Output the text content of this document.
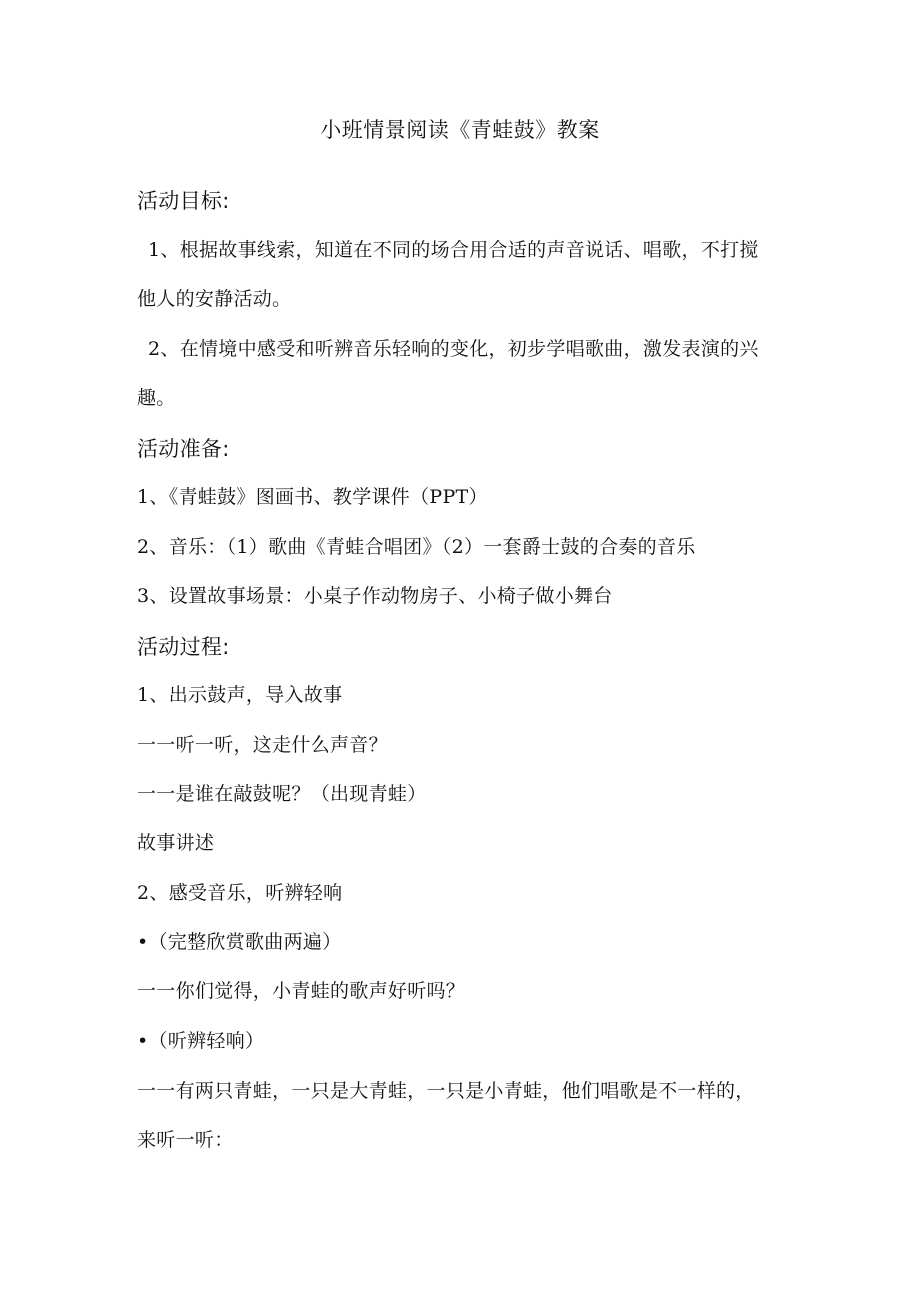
小班情景阅读《青蛙鼓》教案
活动目标:
1、根据故事线索，知道在不同的场合用合适的声音说话、唱歌，不打搅
他人的安静活动。
2、在情境中感受和听辨音乐轻响的变化，初步学唱歌曲，激发表演的兴
趣。
活动准备:
1、《青蛙鼓》图画书、教学课件（PPT）
2、音乐：（1）歌曲《青蛙合唱团》（2）一套爵士鼓的合奏的音乐
3、设置故事场景：小桌子作动物房子、小椅子做小舞台
活动过程:
1、出示鼓声，导入故事
一一听一听，这走什么声音？
一一是谁在敲鼓呢？（出现青蛙）
故事讲述
2、感受音乐，听辨轻响
•（完整欣赏歌曲两遍）
一一你们觉得，小青蛙的歌声好听吗？
•（听辨轻响）
一一有两只青蛙，一只是大青蛙，一只是小青蛙，他们唱歌是不一样的，
来听一听：
